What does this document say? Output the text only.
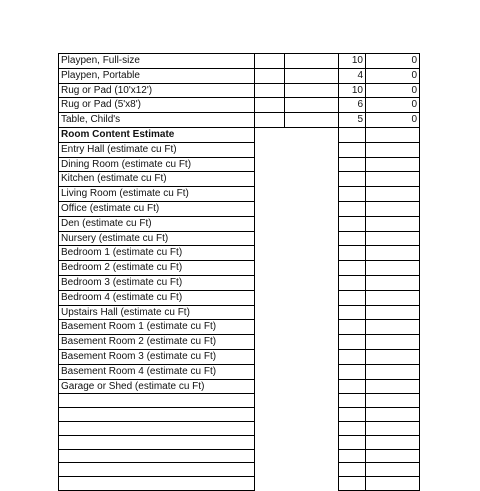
Playpen, Full-size			10	0
Playpen, Portable			4	0
Rug or Pad (10'x12')			10	0
Rug or Pad (5'x8')			6	0
Table, Child's			5	0
Room Content Estimate				
Entry Hall (estimate cu Ft)				
Dining Room (estimate cu Ft)				
Kitchen (estimate cu Ft)				
Living Room (estimate cu Ft)				
Office (estimate cu Ft)				
Den (estimate cu Ft)				
Nursery (estimate cu Ft)				
Bedroom 1 (estimate cu Ft)				
Bedroom 2 (estimate cu Ft)				
Bedroom 3 (estimate cu Ft)				
Bedroom 4 (estimate cu Ft)				
Upstairs Hall (estimate cu Ft)				
Basement Room 1 (estimate cu Ft)				
Basement Room 2 (estimate cu Ft)				
Basement Room 3 (estimate cu Ft)				
Basement Room 4 (estimate cu Ft)				
Garage or Shed (estimate cu Ft)				
